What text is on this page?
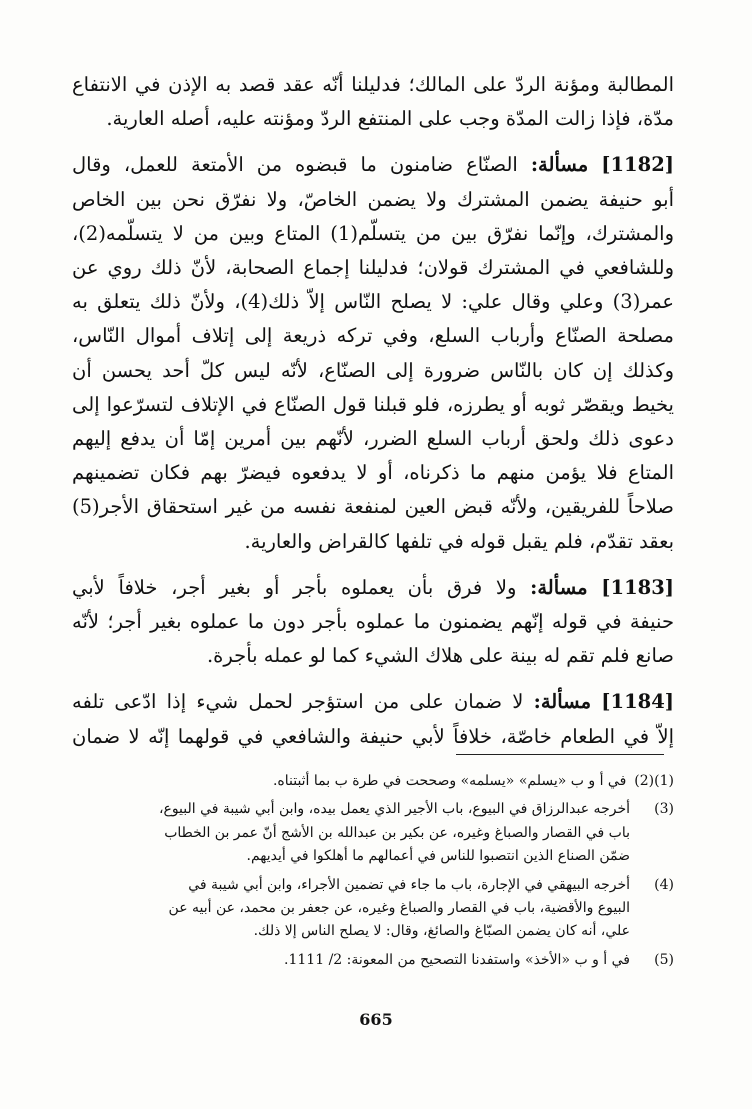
المطالبة ومؤنة الردّ على المالك؛ فدليلنا أنّه عقد قصد به الإذن في الانتفاع
مدّة، فإذا زالت المدّة وجب على المنتفع الردّ ومؤنته عليه، أصله العارية.

[1182] مسألة: الصنّاع ضامنون ما قبضوه من الأمتعة للعمل، وقال
أبو حنيفة يضمن المشترك ولا يضمن الخاصّ، ولا نفرّق نحن بين الخاص
والمشترك، وإنّما نفرّق بين من يتسلّم(1) المتاع وبين من لا يتسلّمه(2)،
وللشافعي في المشترك قولان؛ فدليلنا إجماع الصحابة، لأنّ ذلك روي عن
عمر(3) وعلي وقال علي: لا يصلح النّاس إلاّ ذلك(4)، ولأنّ ذلك يتعلق به
مصلحة الصنّاع وأرباب السلع، وفي تركه ذريعة إلى إتلاف أموال النّاس،
وكذلك إن كان بالنّاس ضرورة إلى الصنّاع، لأنّه ليس كلّ أحد يحسن أن
يخيط ويقصّر ثوبه أو يطرزه، فلو قبلنا قول الصنّاع في الإتلاف لتسرّعوا إلى
دعوى ذلك ولحق أرباب السلع الضرر، لأنّهم بين أمرين إمّا أن يدفع إليهم
المتاع فلا يؤمن منهم ما ذكرناه، أو لا يدفعوه فيضرّ بهم فكان تضمينهم
صلاحاً للفريقين، ولأنّه قبض العين لمنفعة نفسه من غير استحقاق الأجر(5)
بعقد تقدّم، فلم يقبل قوله في تلفها كالقراض والعارية.

[1183] مسألة: ولا فرق بأن يعملوه بأجر أو بغير أجر، خلافاً لأبي
حنيفة في قوله إنّهم يضمنون ما عملوه بأجر دون ما عملوه بغير أجر؛ لأنّه
صانع فلم تقم له بينة على هلاك الشيء كما لو عمله بأجرة.

[1184] مسألة: لا ضمان على من استؤجر لحمل شيء إذا ادّعى تلفه
إلاّ في الطعام خاصّة، خلافاً لأبي حنيفة والشافعي في قولهما إنّه لا ضمان

(1)(2)
في أ و ب «يسلم» «يسلمه» وصححت في طرة ب بما أثبتناه.
(3)
أخرجه عبدالرزاق في البيوع، باب الأجير الذي يعمل بيده، وابن أبي شيبة في البيوع،
باب في القصار والصباغ وغيره، عن بكير بن عبدالله بن الأشج أنّ عمر بن الخطاب
ضمّن الصناع الذين انتصبوا للناس في أعمالهم ما أهلكوا في أيديهم.
(4)
أخرجه البيهقي في الإجارة، باب ما جاء في تضمين الأجراء، وابن أبي شيبة في
البيوع والأقضية، باب في القصار والصباغ وغيره، عن جعفر بن محمد، عن أبيه عن
علي، أنه كان يضمن الصبّاغ والصائغ، وقال: لا يصلح الناس إلا ذلك.
(5)
في أ و ب «الأخذ» واستفدنا التصحيح من المعونة: 2/ 1111.
665
